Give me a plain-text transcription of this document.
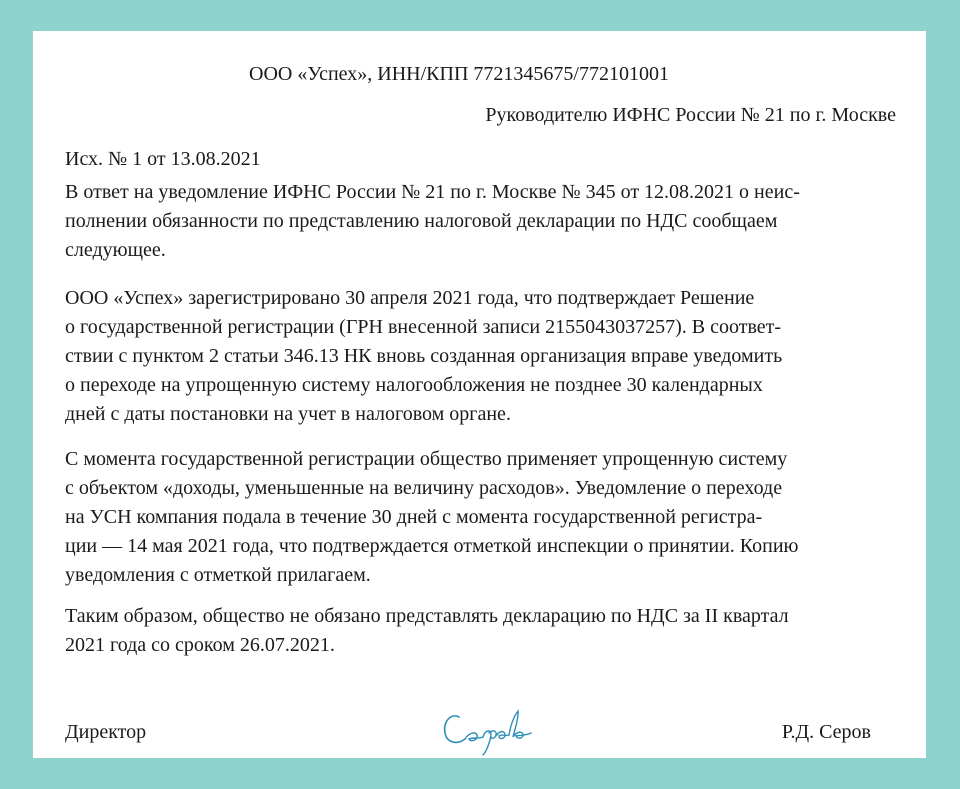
ООО «Успех», ИНН/КПП 7721345675/772101001
Руководителю ИФНС России № 21 по г. Москве
Исх. № 1 от 13.08.2021
В ответ на уведомление ИФНС России № 21 по г. Москве № 345 от 12.08.2021 о неис-
полнении обязанности по представлению налоговой декларации по НДС сообщаем
следующее.
ООО «Успех» зарегистрировано 30 апреля 2021 года, что подтверждает Решение
о государственной регистрации (ГРН внесенной записи 2155043037257). В соответ-
ствии с пунктом 2 статьи 346.13 НК вновь созданная организация вправе уведомить
о переходе на упрощенную систему налогообложения не позднее 30 календарных
дней с даты постановки на учет в налоговом органе.
С момента государственной регистрации общество применяет упрощенную систему
с объектом «доходы, уменьшенные на величину расходов». Уведомление о переходе
на УСН компания подала в течение 30 дней с момента государственной регистра-
ции — 14 мая 2021 года, что подтверждается отметкой инспекции о принятии. Копию
уведомления с отметкой прилагаем.
Таким образом, общество не обязано представлять декларацию по НДС за II квартал
2021 года со сроком 26.07.2021.
Директор	Р.Д. Серов
